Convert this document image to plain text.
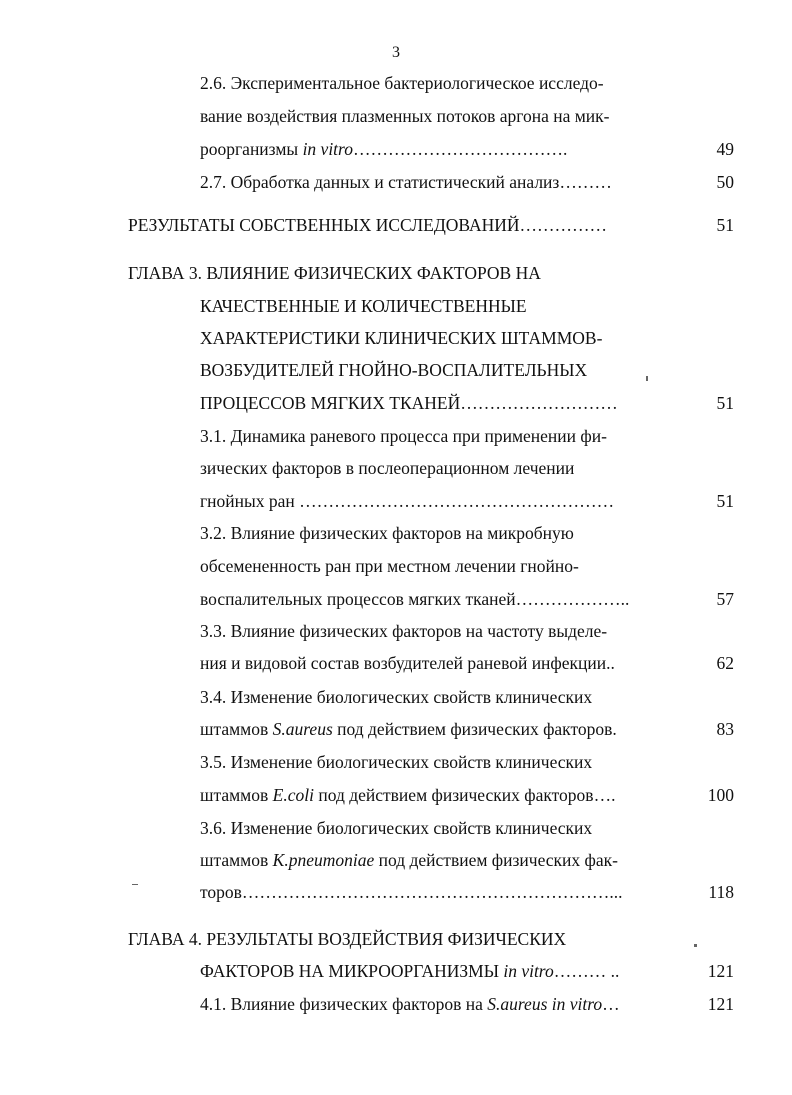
3
2.6. Экспериментальное бактериологическое исследо-
вание воздействия плазменных потоков аргона на мик-
роорганизмы in vitro……………………………….	49
2.7. Обработка данных и статистический анализ………	50
РЕЗУЛЬТАТЫ СОБСТВЕННЫХ ИССЛЕДОВАНИЙ……………	51
ГЛАВА 3. ВЛИЯНИЕ ФИЗИЧЕСКИХ ФАКТОРОВ НА
КАЧЕСТВЕННЫЕ И КОЛИЧЕСТВЕННЫЕ
ХАРАКТЕРИСТИКИ КЛИНИЧЕСКИХ ШТАММОВ-
ВОЗБУДИТЕЛЕЙ ГНОЙНО-ВОСПАЛИТЕЛЬНЫХ
ПРОЦЕССОВ МЯГКИХ ТКАНЕЙ………………………	51
3.1. Динамика раневого процесса при применении фи-
зических факторов в послеоперационном лечении
гнойных ран ………………………………………………	51
3.2. Влияние физических факторов на микробную
обсемененность ран при местном лечении гнойно-
воспалительных процессов мягких тканей………………..	57
3.3. Влияние физических факторов на частоту выделе-
ния и видовой состав возбудителей раневой инфекции..	62
3.4. Изменение биологических свойств клинических
штаммов S.aureus под действием физических факторов.	83
3.5. Изменение биологических свойств клинических
штаммов E.coli под действием физических факторов….	100
3.6. Изменение биологических свойств клинических
штаммов K.pneumoniae под действием физических фак-
торов………………………………………………………...	118
ГЛАВА 4. РЕЗУЛЬТАТЫ ВОЗДЕЙСТВИЯ ФИЗИЧЕСКИХ
ФАКТОРОВ НА МИКРООРГАНИЗМЫ in vitro……… ..	121
4.1. Влияние физических факторов на S.aureus in vitro…	121
